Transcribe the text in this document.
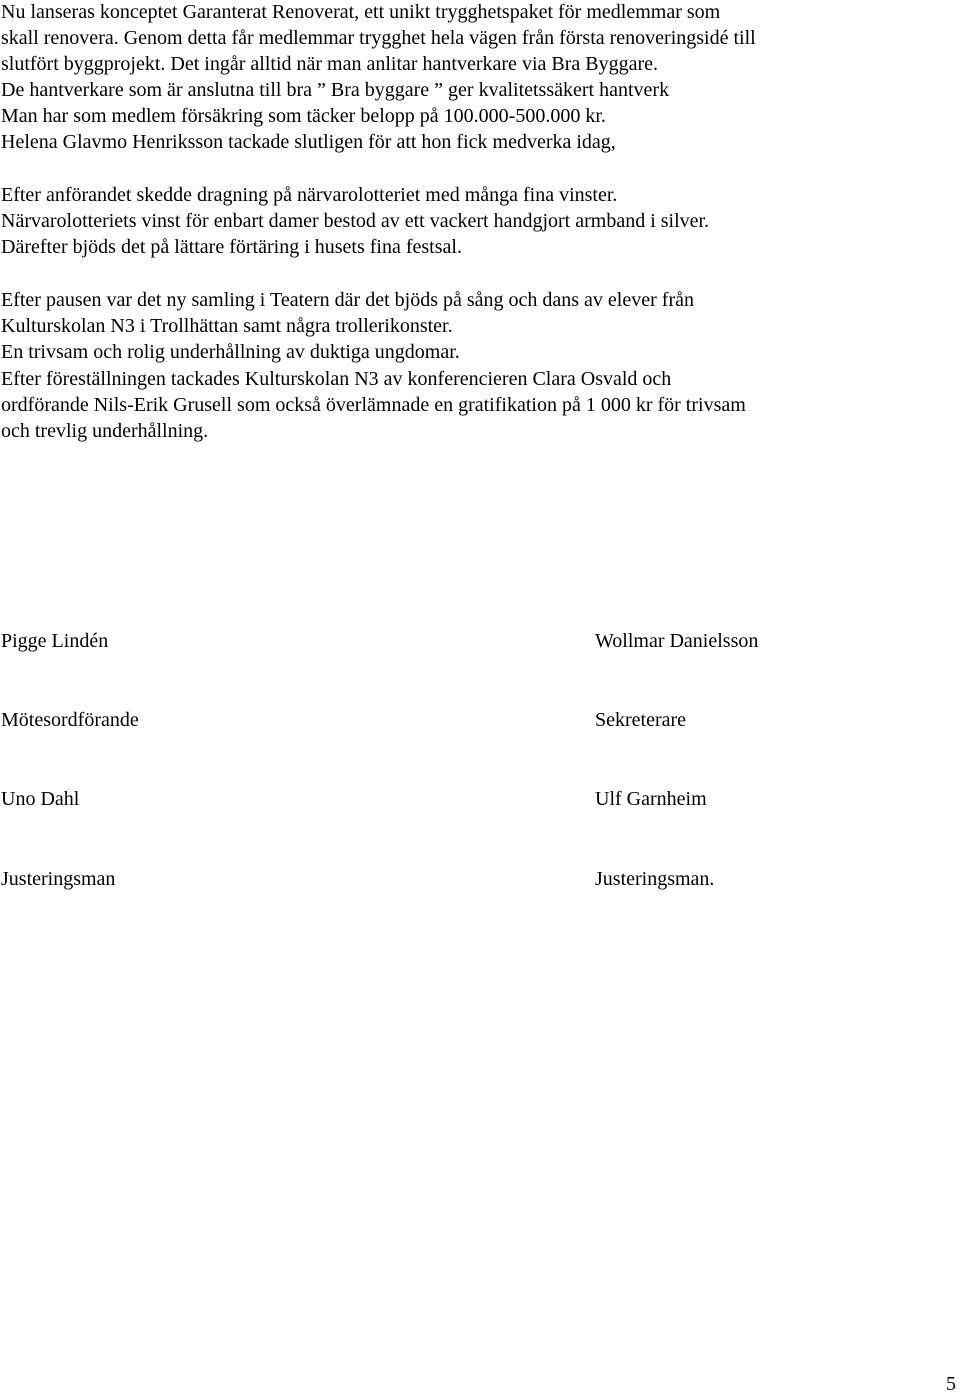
Nu lanseras konceptet Garanterat Renoverat, ett unikt trygghetspaket för medlemmar som
skall renovera. Genom detta får medlemmar trygghet hela vägen från första renoveringsidé till
slutfört byggprojekt. Det ingår alltid när man anlitar hantverkare via Bra Byggare.
De hantverkare som är anslutna till bra ” Bra byggare ” ger kvalitetssäkert hantverk
Man har som medlem försäkring som täcker belopp på 100.000-500.000 kr.
Helena Glavmo Henriksson tackade slutligen för att hon fick medverka idag,
Efter anförandet skedde dragning på närvarolotteriet med många fina vinster.
Närvarolotteriets vinst för enbart damer bestod av ett vackert handgjort armband i silver.
Därefter bjöds det på lättare förtäring i husets fina festsal.
Efter pausen var det ny samling i Teatern där det bjöds på sång och dans av elever från
Kulturskolan N3 i Trollhättan samt några trollerikonster.
En trivsam och rolig underhållning av duktiga ungdomar.
Efter föreställningen tackades Kulturskolan N3 av konferencieren Clara Osvald och
ordförande Nils-Erik Grusell som också överlämnade en gratifikation på 1 000 kr för trivsam
och trevlig underhållning.
Pigge Lindén	Wollmar Danielsson
Mötesordförande	Sekreterare
Uno Dahl	Ulf Garnheim
Justeringsman	Justeringsman.
5
